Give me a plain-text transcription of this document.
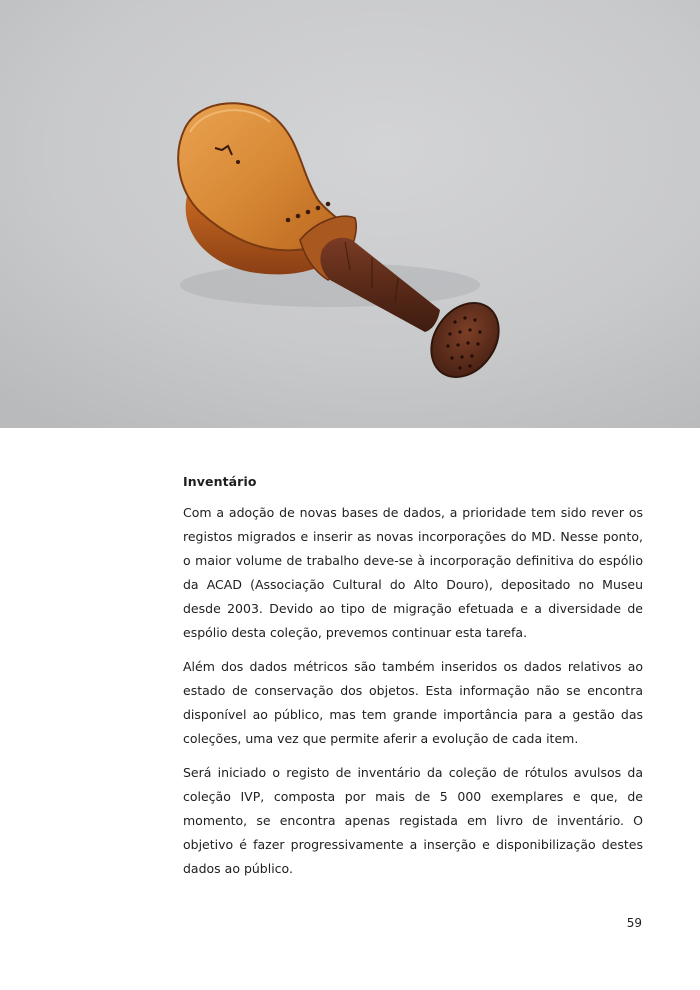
Inventário

Com a adoção de novas bases de dados, a prioridade tem sido rever os registos migrados e inserir as novas incorporações do MD. Nesse ponto, o maior volume de trabalho deve-se à incorporação definitiva do espólio da ACAD (Associação Cultural do Alto Douro), depositado no Museu desde 2003. Devido ao tipo de migração efetuada e a diversidade de espólio desta coleção, prevemos continuar esta tarefa.

Além dos dados métricos são também inseridos os dados relativos ao estado de conservação dos objetos. Esta informação não se encontra disponível ao público, mas tem grande importância para a gestão das coleções, uma vez que permite aferir a evolução de cada item.

Será iniciado o registo de inventário da coleção de rótulos avulsos da coleção IVP, composta por mais de 5 000 exemplares e que, de momento, se encontra apenas registada em livro de inventário. O objetivo é fazer progressivamente a inserção e disponibilização destes dados ao público.

59
